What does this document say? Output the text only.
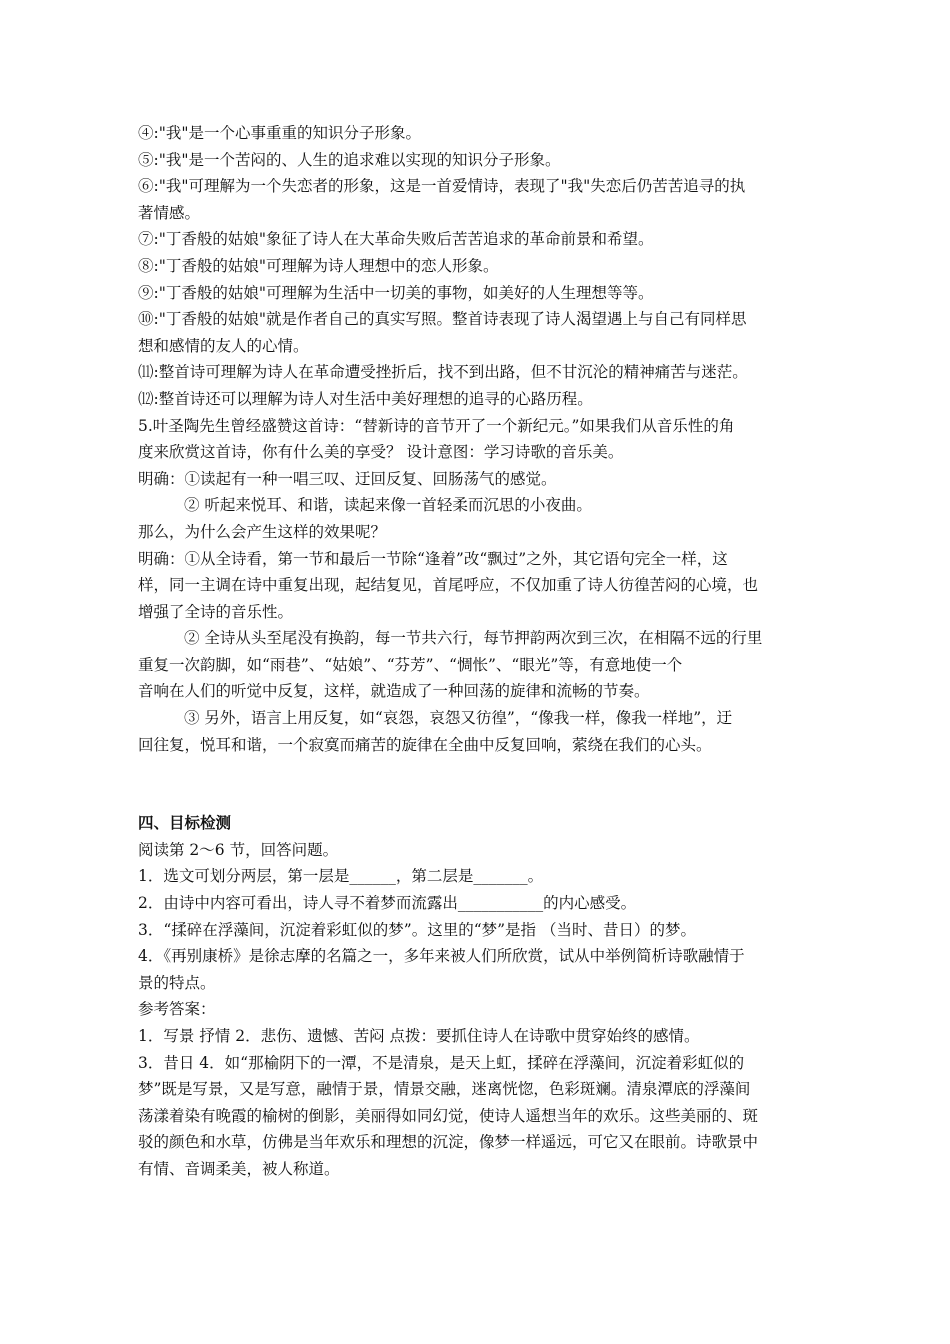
④:"我"是一个心事重重的知识分子形象。

⑤:"我"是一个苦闷的、人生的追求难以实现的知识分子形象。

⑥:"我"可理解为一个失恋者的形象，这是一首爱情诗，表现了"我"失恋后仍苦苦追寻的执

著情感。

⑦:"丁香般的姑娘"象征了诗人在大革命失败后苦苦追求的革命前景和希望。

⑧:"丁香般的姑娘"可理解为诗人理想中的恋人形象。

⑨:"丁香般的姑娘"可理解为生活中一切美的事物，如美好的人生理想等等。

⑩:"丁香般的姑娘"就是作者自己的真实写照。整首诗表现了诗人渴望遇上与自己有同样思

想和感情的友人的心情。

⑾:整首诗可理解为诗人在革命遭受挫折后，找不到出路，但不甘沉沦的精神痛苦与迷茫。

⑿:整首诗还可以理解为诗人对生活中美好理想的追寻的心路历程。

5.叶圣陶先生曾经盛赞这首诗：“替新诗的音节开了一个新纪元。”如果我们从音乐性的角

度来欣赏这首诗，你有什么美的享受？ 设计意图：学习诗歌的音乐美。

明确：①读起有一种一唱三叹、迂回反复、回肠荡气的感觉。

② 听起来悦耳、和谐，读起来像一首轻柔而沉思的小夜曲。

那么，为什么会产生这样的效果呢？

明确：①从全诗看，第一节和最后一节除“逢着”改“飘过”之外，其它语句完全一样，这

样，同一主调在诗中重复出现，起结复见，首尾呼应，不仅加重了诗人彷徨苦闷的心境，也

增强了全诗的音乐性。

② 全诗从头至尾没有换韵，每一节共六行，每节押韵两次到三次，在相隔不远的行里

重复一次韵脚，如“雨巷”、“姑娘”、“芬芳”、“惆怅”、“眼光”等，有意地使一个

音响在人们的听觉中反复，这样，就造成了一种回荡的旋律和流畅的节奏。

③ 另外，语言上用反复，如“哀怨，哀怨又彷徨”，“像我一样，像我一样地”，迂

回往复，悦耳和谐，一个寂寞而痛苦的旋律在全曲中反复回响，萦绕在我们的心头。

四、目标检测

阅读第 2～6 节，回答问题。

1．选文可划分两层，第一层是______，第二层是_______。

2．由诗中内容可看出，诗人寻不着梦而流露出___________的内心感受。

3．“揉碎在浮藻间，沉淀着彩虹似的梦”。这里的“梦”是指 （当时、昔日）的梦。

4．《再别康桥》是徐志摩的名篇之一，多年来被人们所欣赏，试从中举例简析诗歌融情于

景的特点。

参考答案：

1．写景 抒情 2．悲伤、遗憾、苦闷 点拨：要抓住诗人在诗歌中贯穿始终的感情。

3．昔日 4．如“那榆阴下的一潭，不是清泉，是天上虹，揉碎在浮藻间，沉淀着彩虹似的

梦”既是写景，又是写意，融情于景，情景交融，迷离恍惚，色彩斑斓。清泉潭底的浮藻间

荡漾着染有晚霞的榆树的倒影，美丽得如同幻觉，使诗人遥想当年的欢乐。这些美丽的、斑

驳的颜色和水草，仿佛是当年欢乐和理想的沉淀，像梦一样遥远，可它又在眼前。诗歌景中

有情、音调柔美，被人称道。
